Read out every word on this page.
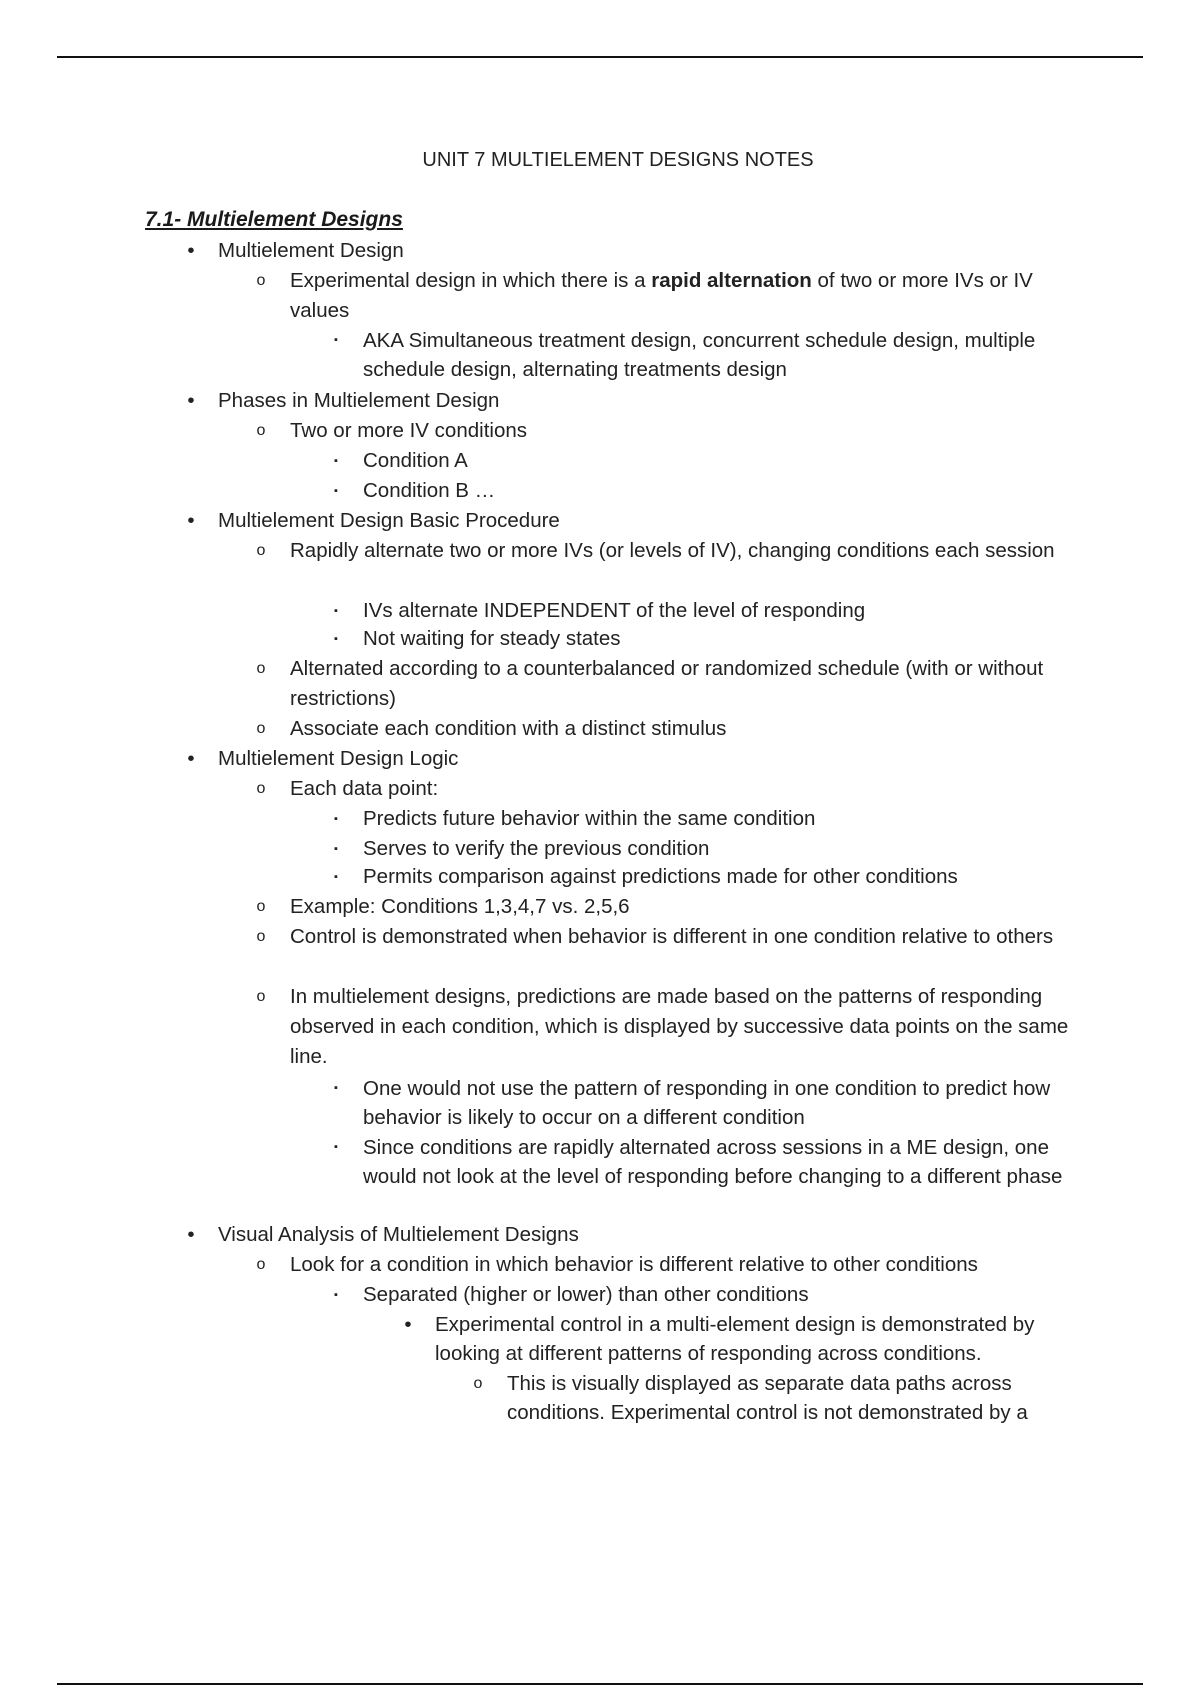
UNIT 7 MULTIELEMENT DESIGNS NOTES
7.1- Multielement Designs
•	Multielement Design
o Experimental design in which there is a rapid alternation of two or more IVs or IV values
▪	AKA Simultaneous treatment design, concurrent schedule design, multiple schedule design, alternating treatments design
•	Phases in Multielement Design
o Two or more IV conditions
▪	Condition A
▪	Condition B …
•	Multielement Design Basic Procedure
o Rapidly alternate two or more IVs (or levels of IV), changing conditions each session
▪	IVs alternate INDEPENDENT of the level of responding
▪	Not waiting for steady states
o Alternated according to a counterbalanced or randomized schedule (with or without restrictions)
o Associate each condition with a distinct stimulus
•	Multielement Design Logic
o Each data point:
▪	Predicts future behavior within the same condition
▪	Serves to verify the previous condition
▪	Permits comparison against predictions made for other conditions
o Example: Conditions 1,3,4,7 vs. 2,5,6
o Control is demonstrated when behavior is different in one condition relative to others
o In multielement designs, predictions are made based on the patterns of responding observed in each condition, which is displayed by successive data points on the same line.
▪	One would not use the pattern of responding in one condition to predict how behavior is likely to occur on a different condition
▪	Since conditions are rapidly alternated across sessions in a ME design, one would not look at the level of responding before changing to a different phase
•	Visual Analysis of Multielement Designs
o Look for a condition in which behavior is different relative to other conditions
▪	Separated (higher or lower) than other conditions
•	Experimental control in a multi-element design is demonstrated by looking at different patterns of responding across conditions.
o This is visually displayed as separate data paths across conditions. Experimental control is not demonstrated by a
